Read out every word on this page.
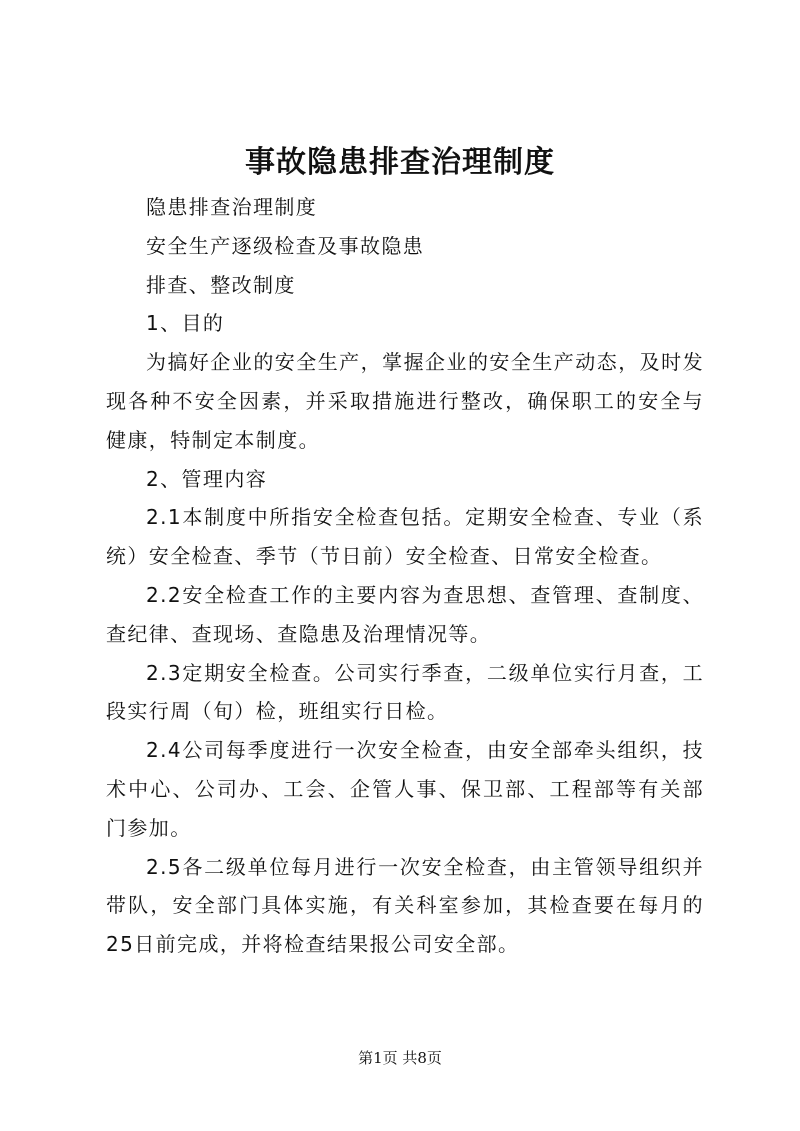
事故隐患排查治理制度

隐患排查治理制度

安全生产逐级检查及事故隐患

排查、整改制度

1、目的

为搞好企业的安全生产，掌握企业的安全生产动态，及时发现各种不安全因素，并采取措施进行整改，确保职工的安全与健康，特制定本制度。

2、管理内容

2.1本制度中所指安全检查包括。定期安全检查、专业（系统）安全检查、季节（节日前）安全检查、日常安全检查。

2.2安全检查工作的主要内容为查思想、查管理、查制度、查纪律、查现场、查隐患及治理情况等。

2.3定期安全检查。公司实行季查，二级单位实行月查，工段实行周（旬）检，班组实行日检。

2.4公司每季度进行一次安全检查，由安全部牵头组织，技术中心、公司办、工会、企管人事、保卫部、工程部等有关部门参加。

2.5各二级单位每月进行一次安全检查，由主管领导组织并带队，安全部门具体实施，有关科室参加，其检查要在每月的25日前完成，并将检查结果报公司安全部。

第1页 共8页
